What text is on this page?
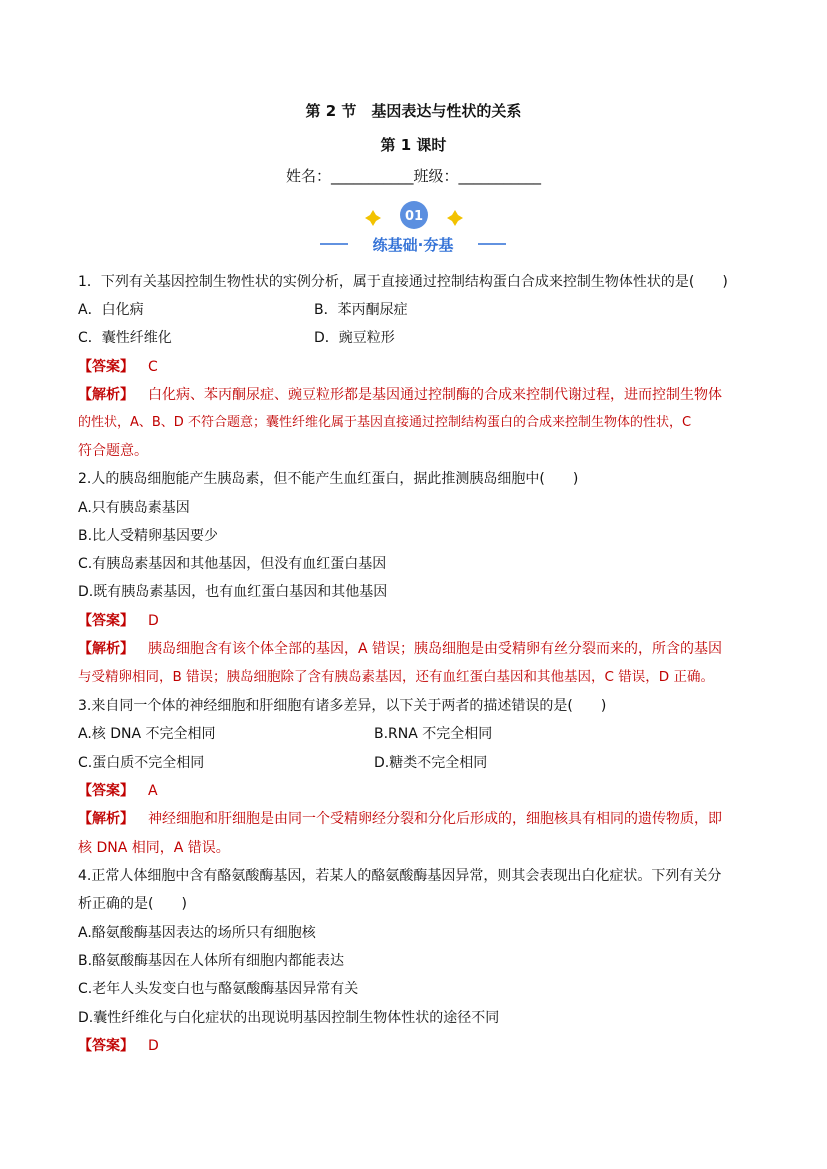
第 2 节　基因表达与性状的关系
第 1 课时
姓名：___________班级：___________
01
练基础·夯基
1．下列有关基因控制生物性状的实例分析，属于直接通过控制结构蛋白合成来控制生物体性状的是(　　)
A．白化病	B．苯丙酮尿症
C．囊性纤维化	D．豌豆粒形
【答案】 C
【解析】 白化病、苯丙酮尿症、豌豆粒形都是基因通过控制酶的合成来控制代谢过程，进而控制生物体
的性状，A、B、D 不符合题意；囊性纤维化属于基因直接通过控制结构蛋白的合成来控制生物体的性状，C
符合题意。
2.人的胰岛细胞能产生胰岛素，但不能产生血红蛋白，据此推测胰岛细胞中(　　)
A.只有胰岛素基因
B.比人受精卵基因要少
C.有胰岛素基因和其他基因，但没有血红蛋白基因
D.既有胰岛素基因，也有血红蛋白基因和其他基因
【答案】 D
【解析】 胰岛细胞含有该个体全部的基因，A 错误；胰岛细胞是由受精卵有丝分裂而来的，所含的基因
与受精卵相同，B 错误；胰岛细胞除了含有胰岛素基因，还有血红蛋白基因和其他基因，C 错误，D 正确。
3.来自同一个体的神经细胞和肝细胞有诸多差异，以下关于两者的描述错误的是(　　)
A.核 DNA 不完全相同	B.RNA 不完全相同
C.蛋白质不完全相同	D.糖类不完全相同
【答案】 A
【解析】 神经细胞和肝细胞是由同一个受精卵经分裂和分化后形成的，细胞核具有相同的遗传物质，即
核 DNA 相同，A 错误。
4.正常人体细胞中含有酪氨酸酶基因，若某人的酪氨酸酶基因异常，则其会表现出白化症状。下列有关分
析正确的是(　　)
A.酪氨酸酶基因表达的场所只有细胞核
B.酪氨酸酶基因在人体所有细胞内都能表达
C.老年人头发变白也与酪氨酸酶基因异常有关
D.囊性纤维化与白化症状的出现说明基因控制生物体性状的途径不同
【答案】 D
